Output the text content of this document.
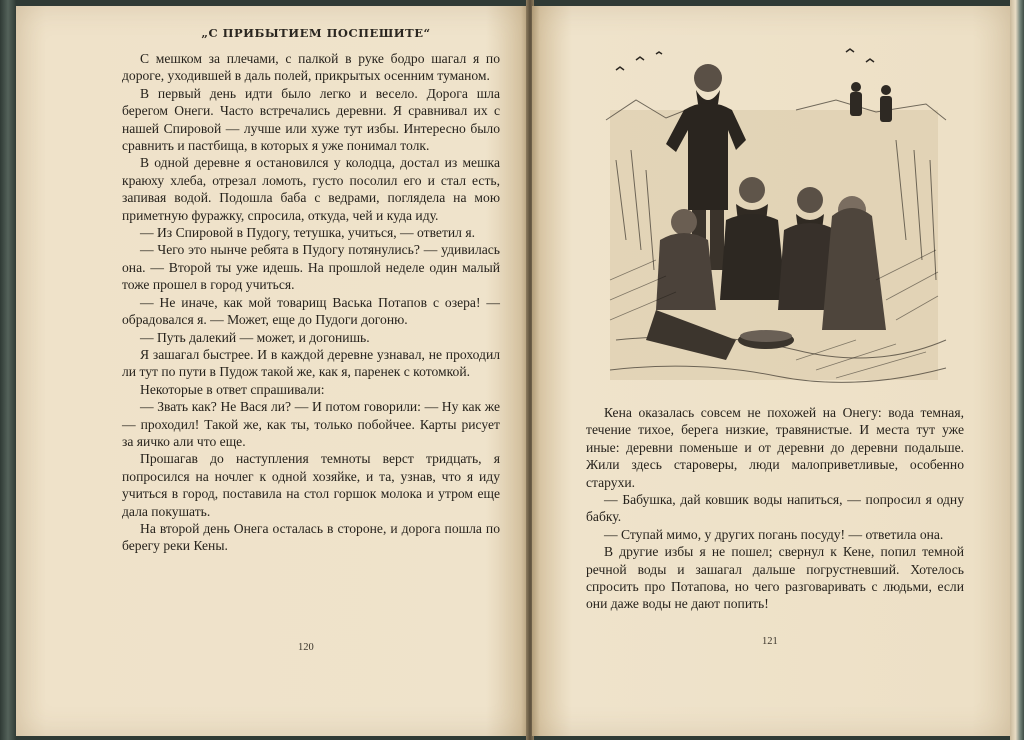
„С ПРИБЫТИЕМ ПОСПЕШИТЕ“

С мешком за плечами, с палкой в руке бодро шагал я по дороге, уходившей в даль полей, прикрытых осенним туманом.

В первый день идти было легко и весело. Дорога шла берегом Онеги. Часто встречались деревни. Я сравнивал их с нашей Спировой — лучше или хуже тут избы. Интересно было сравнить и пастбища, в которых я уже понимал толк.

В одной деревне я остановился у колодца, достал из мешка краюху хлеба, отрезал ломоть, густо посолил его и стал есть, запивая водой. Подошла баба с ведрами, поглядела на мою приметную фуражку, спросила, откуда, чей и куда иду.

— Из Спировой в Пудогу, тетушка, учиться, — ответил я.

— Чего это нынче ребята в Пудогу потянулись? — удивилась она. — Второй ты уже идешь. На прошлой неделе один малый тоже прошел в город учиться.

— Не иначе, как мой товарищ Васька Потапов с озера! — обрадовался я. — Может, еще до Пудоги догоню.

— Путь далекий — может, и догонишь.

Я зашагал быстрее. И в каждой деревне узнавал, не проходил ли тут по пути в Пудож такой же, как я, паренек с котомкой.

Некоторые в ответ спрашивали:

— Звать как? Не Вася ли? — И потом говорили: — Ну как же — проходил! Такой же, как ты, только побойчее. Карты рисует за яичко али что еще.

Прошагав до наступления темноты верст тридцать, я попросился на ночлег к одной хозяйке, и та, узнав, что я иду учиться в город, поставила на стол горшок молока и утром еще дала покушать.

На второй день Онега осталась в стороне, и дорога пошла по берегу реки Кены.

120

Кена оказалась совсем не похожей на Онегу: вода темная, течение тихое, берега низкие, травянистые. И места тут уже иные: деревни поменьше и от деревни до деревни подальше. Жили здесь староверы, люди малоприветливые, особенно старухи.

— Бабушка, дай ковшик воды напиться, — попросил я одну бабку.

— Ступай мимо, у других погань посуду! — ответила она.

В другие избы я не пошел; свернул к Кене, попил темной речной воды и зашагал дальше погрустневший. Хотелось спросить про Потапова, но чего разговаривать с людьми, если они даже воды не дают попить!

121
